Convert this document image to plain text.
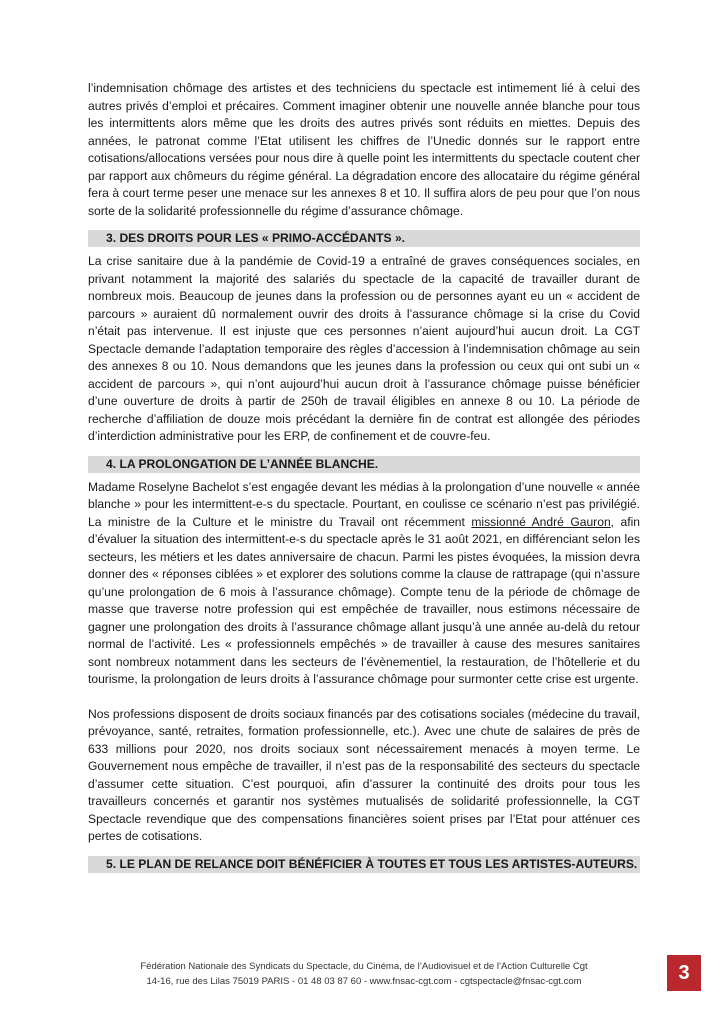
l’indemnisation chômage des artistes et des techniciens du spectacle est intimement lié à celui des autres privés d’emploi et précaires. Comment imaginer obtenir une nouvelle année blanche pour tous les intermittents alors même que les droits des autres privés sont réduits en miettes. Depuis des années, le patronat comme l’Etat utilisent les chiffres de l’Unedic donnés sur le rapport entre cotisations/allocations versées pour nous dire à quelle point les intermittents du spectacle coutent cher par rapport aux chômeurs du régime général. La dégradation encore des allocataire du régime général fera à court terme peser une menace sur les annexes 8 et 10. Il suffira alors de peu pour que l’on nous sorte de la solidarité professionnelle du régime d’assurance chômage.

3. DES DROITS POUR LES « PRIMO-ACCÉDANTS ».

La crise sanitaire due à la pandémie de Covid-19 a entraîné de graves conséquences sociales, en privant notamment la majorité des salariés du spectacle de la capacité de travailler durant de nombreux mois. Beaucoup de jeunes dans la profession ou de personnes ayant eu un « accident de parcours » auraient dû normalement ouvrir des droits à l’assurance chômage si la crise du Covid n’était pas intervenue. Il est injuste que ces personnes n’aient aujourd’hui aucun droit. La CGT Spectacle demande l’adaptation temporaire des règles d’accession à l’indemnisation chômage au sein des annexes 8 ou 10. Nous demandons que les jeunes dans la profession ou ceux qui ont subi un « accident de parcours », qui n’ont aujourd’hui aucun droit à l’assurance chômage puisse bénéficier d’une ouverture de droits à partir de 250h de travail éligibles en annexe 8 ou 10. La période de recherche d’affiliation de douze mois précédant la dernière fin de contrat est allongée des périodes d’interdiction administrative pour les ERP, de confinement et de couvre-feu.

4. LA PROLONGATION DE L’ANNÉE BLANCHE.

Madame Roselyne Bachelot s’est engagée devant les médias à la prolongation d’une nouvelle « année blanche » pour les intermittent-e-s du spectacle. Pourtant, en coulisse ce scénario n’est pas privilégié. La ministre de la Culture et le ministre du Travail ont récemment missionné André Gauron, afin d’évaluer la situation des intermittent-e-s du spectacle après le 31 août 2021, en différenciant selon les secteurs, les métiers et les dates anniversaire de chacun. Parmi les pistes évoquées, la mission devra donner des « réponses ciblées » et explorer des solutions comme la clause de rattrapage (qui n’assure qu’une prolongation de 6 mois à l’assurance chômage). Compte tenu de la période de chômage de masse que traverse notre profession qui est empêchée de travailler, nous estimons nécessaire de gagner une prolongation des droits à l’assurance chômage allant jusqu’à une année au-delà du retour normal de l’activité. Les « professionnels empêchés » de travailler à cause des mesures sanitaires sont nombreux notamment dans les secteurs de l’évènementiel, la restauration, de l’hôtellerie et du tourisme, la prolongation de leurs droits à l’assurance chômage pour surmonter cette crise est urgente.

Nos professions disposent de droits sociaux financés par des cotisations sociales (médecine du travail, prévoyance, santé, retraites, formation professionnelle, etc.). Avec une chute de salaires de près de 633 millions pour 2020, nos droits sociaux sont nécessairement menacés à moyen terme. Le Gouvernement nous empêche de travailler, il n’est pas de la responsabilité des secteurs du spectacle d’assumer cette situation. C’est pourquoi, afin d’assurer la continuité des droits pour tous les travailleurs concernés et garantir nos systèmes mutualisés de solidarité professionnelle, la CGT Spectacle revendique que des compensations financières soient prises par l’Etat pour atténuer ces pertes de cotisations.

5. LE PLAN DE RELANCE DOIT BÉNÉFICIER À TOUTES ET TOUS LES ARTISTES-AUTEURS.
Fédération Nationale des Syndicats du Spectacle, du Cinéma, de l’Audiovisuel et de l’Action Culturelle Cgt
14-16, rue des Lilas 75019 PARIS - 01 48 03 87 60 - www.fnsac-cgt.com - cgtspectacle@fnsac-cgt.com	3
